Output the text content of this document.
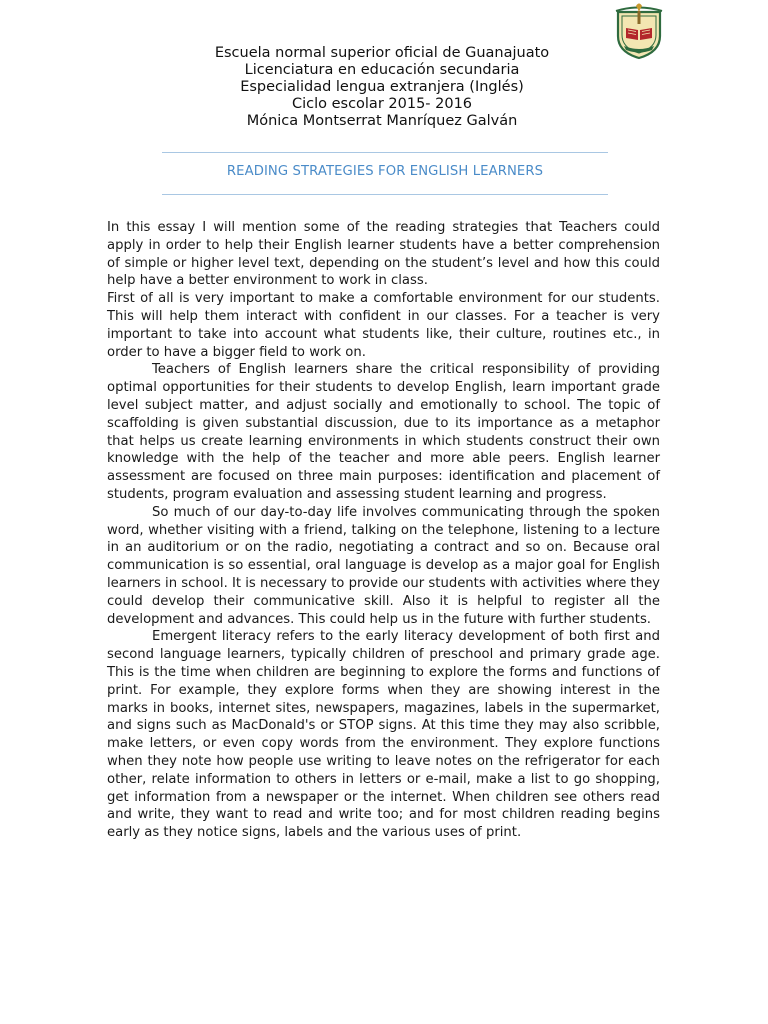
Escuela normal superior oficial de Guanajuato
Licenciatura en educación secundaria
Especialidad lengua extranjera (Inglés)
Ciclo escolar 2015- 2016
Mónica Montserrat Manríquez Galván
READING STRATEGIES FOR ENGLISH LEARNERS

In this essay I will mention some of the reading strategies that Teachers could apply in order to help their English learner students have a better comprehension of simple or higher level text, depending on the student’s level and how this could help have a better environment to work in class.

First of all is very important to make a comfortable environment for our students. This will help them interact with confident in our classes. For a teacher is very important to take into account what students like, their culture, routines etc., in order to have a bigger field to work on.

Teachers of English learners share the critical responsibility of providing optimal opportunities for their students to develop English, learn important grade level subject matter, and adjust socially and emotionally to school. The topic of scaffolding is given substantial discussion, due to its importance as a metaphor that helps us create learning environments in which students construct their own knowledge with the help of the teacher and more able peers. English learner assessment are focused on three main purposes: identification and placement of students, program evaluation and assessing student learning and progress.

So much of our day-to-day life involves communicating through the spoken word, whether visiting with a friend, talking on the telephone, listening to a lecture in an auditorium or on the radio, negotiating a contract and so on. Because oral communication is so essential, oral language is develop as a major goal for English learners in school. It is necessary to provide our students with activities where they could develop their communicative skill. Also it is helpful to register all the development and advances. This could help us in the future with further students.

Emergent literacy refers to the early literacy development of both first and second language learners, typically children of preschool and primary grade age. This is the time when children are beginning to explore the forms and functions of print. For example, they explore forms when they are showing interest in the marks in books, internet sites, newspapers, magazines, labels in the supermarket, and signs such as MacDonald's or STOP signs. At this time they may also scribble, make letters, or even copy words from the environment. They explore functions when they note how people use writing to leave notes on the refrigerator for each other, relate information to others in letters or e-mail, make a list to go shopping, get information from a newspaper or the internet. When children see others read and write, they want to read and write too; and for most children reading begins early as they notice signs, labels and the various uses of print.
